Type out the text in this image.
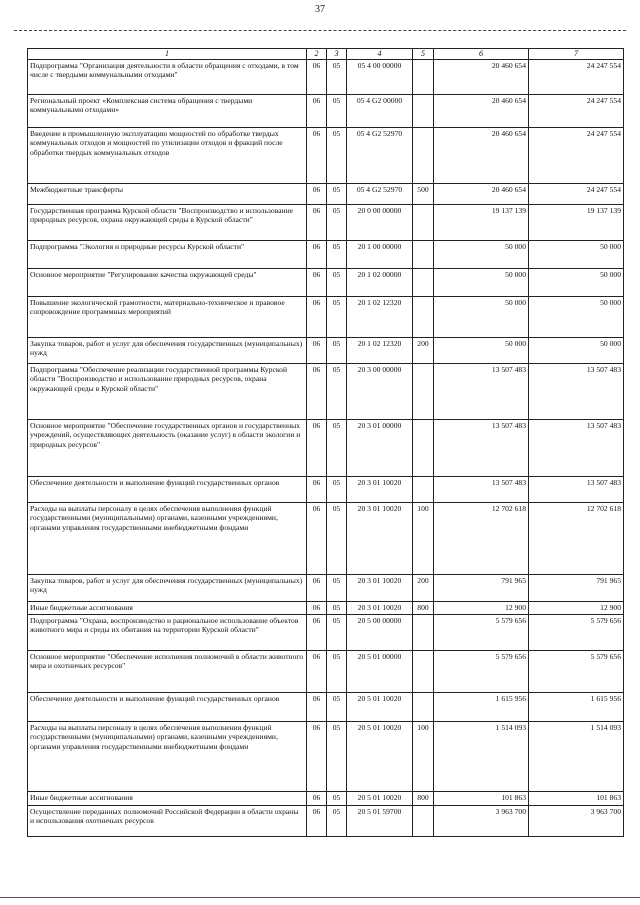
37
1	2	3	4	5	6	7
Подпрограмма "Организация деятельности в области обращения с отходами, в том числе с твердыми коммунальными отходами"	06	05	05 4 00 00000		20 460 654	24 247 554
Региональный проект «Комплексная система обращения с твердыми коммунальными отходами»	06	05	05 4 G2 00000		20 460 654	24 247 554
Введение в промышленную эксплуатацию мощностей по обработке твердых коммунальных отходов и мощностей по утилизации отходов и фракций после обработки твердых коммунальных отходов	06	05	05 4 G2 52970		20 460 654	24 247 554
Межбюджетные трансферты	06	05	05 4 G2 52970	500	20 460 654	24 247 554
Государственная программа Курской области "Воспроизводство и использование природных ресурсов, охрана окружающей среды в Курской области"	06	05	20 0 00 00000		19 137 139	19 137 139
Подпрограмма "Экология и природные ресурсы Курской области"	06	05	20 1 00 00000		50 000	50 000
Основное мероприятие "Регулирование качества окружающей среды"	06	05	20 1 02 00000		50 000	50 000
Повышение экологической грамотности, материально-техническое и правовое сопровождение программных мероприятий	06	05	20 1 02 12320		50 000	50 000
Закупка товаров, работ и услуг для обеспечения государственных (муниципальных) нужд	06	05	20 1 02 12320	200	50 000	50 000
Подпрограмма "Обеспечение реализации государственной программы Курской области "Воспроизводство и использование природных ресурсов, охрана окружающей среды в Курской области"	06	05	20 3 00 00000		13 507 483	13 507 483
Основное мероприятие "Обеспечение государственных органов и государственных учреждений, осуществляющих деятельность (оказание услуг) в области экологии и природных ресурсов"	06	05	20 3 01 00000		13 507 483	13 507 483
Обеспечение деятельности и выполнение функций государственных органов	06	05	20 3 01 10020		13 507 483	13 507 483
Расходы на выплаты персоналу в целях обеспечения выполнения функций государственными (муниципальными) органами, казенными учреждениями, органами управления государственными внебюджетными фондами	06	05	20 3 01 10020	100	12 702 618	12 702 618
Закупка товаров, работ и услуг для обеспечения государственных (муниципальных) нужд	06	05	20 3 01 10020	200	791 965	791 965
Иные бюджетные ассигнования	06	05	20 3 01 10020	800	12 900	12 900
Подпрограмма "Охрана, воспроизводство и рациональное использование объектов животного мира и среды их обитания на территории Курской области"	06	05	20 5 00 00000		5 579 656	5 579 656
Основное мероприятие "Обеспечение исполнения полномочий в области животного мира и охотничьих ресурсов"	06	05	20 5 01 00000		5 579 656	5 579 656
Обеспечение деятельности и выполнение функций государственных органов	06	05	20 5 01 10020		1 615 956	1 615 956
Расходы на выплаты персоналу в целях обеспечения выполнения функций государственными (муниципальными) органами, казенными учреждениями, органами управления государственными внебюджетными фондами	06	05	20 5 01 10020	100	1 514 093	1 514 093
Иные бюджетные ассигнования	06	05	20 5 01 10020	800	101 863	101 863
Осуществление переданных полномочий Российской Федерации в области охраны и использования охотничьих ресурсов	06	05	20 5 01 59700		3 963 700	3 963 700
